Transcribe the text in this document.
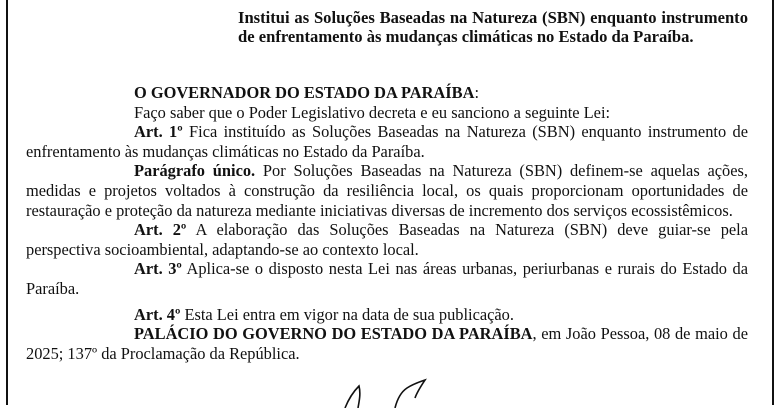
Institui as Soluções Baseadas na Natureza (SBN) enquanto instrumento de enfrentamento às mudanças climáticas no Estado da Paraíba.

O GOVERNADOR DO ESTADO DA PARAÍBA:

Faço saber que o Poder Legislativo decreta e eu sanciono a seguinte Lei:

Art. 1º Fica instituído as Soluções Baseadas na Natureza (SBN) enquanto instrumento de enfrentamento às mudanças climáticas no Estado da Paraíba.

Parágrafo único. Por Soluções Baseadas na Natureza (SBN) definem-se aquelas ações, medidas e projetos voltados à construção da resiliência local, os quais proporcionam oportunidades de restauração e proteção da natureza mediante iniciativas diversas de incremento dos serviços ecossistêmicos.

Art. 2º A elaboração das Soluções Baseadas na Natureza (SBN) deve guiar-se pela perspectiva socioambiental, adaptando-se ao contexto local.

Art. 3º Aplica-se o disposto nesta Lei nas áreas urbanas, periurbanas e rurais do Estado da Paraíba.

Art. 4º Esta Lei entra em vigor na data de sua publicação.

PALÁCIO DO GOVERNO DO ESTADO DA PARAÍBA, em João Pessoa, 08 de maio de 2025; 137º da Proclamação da República.
